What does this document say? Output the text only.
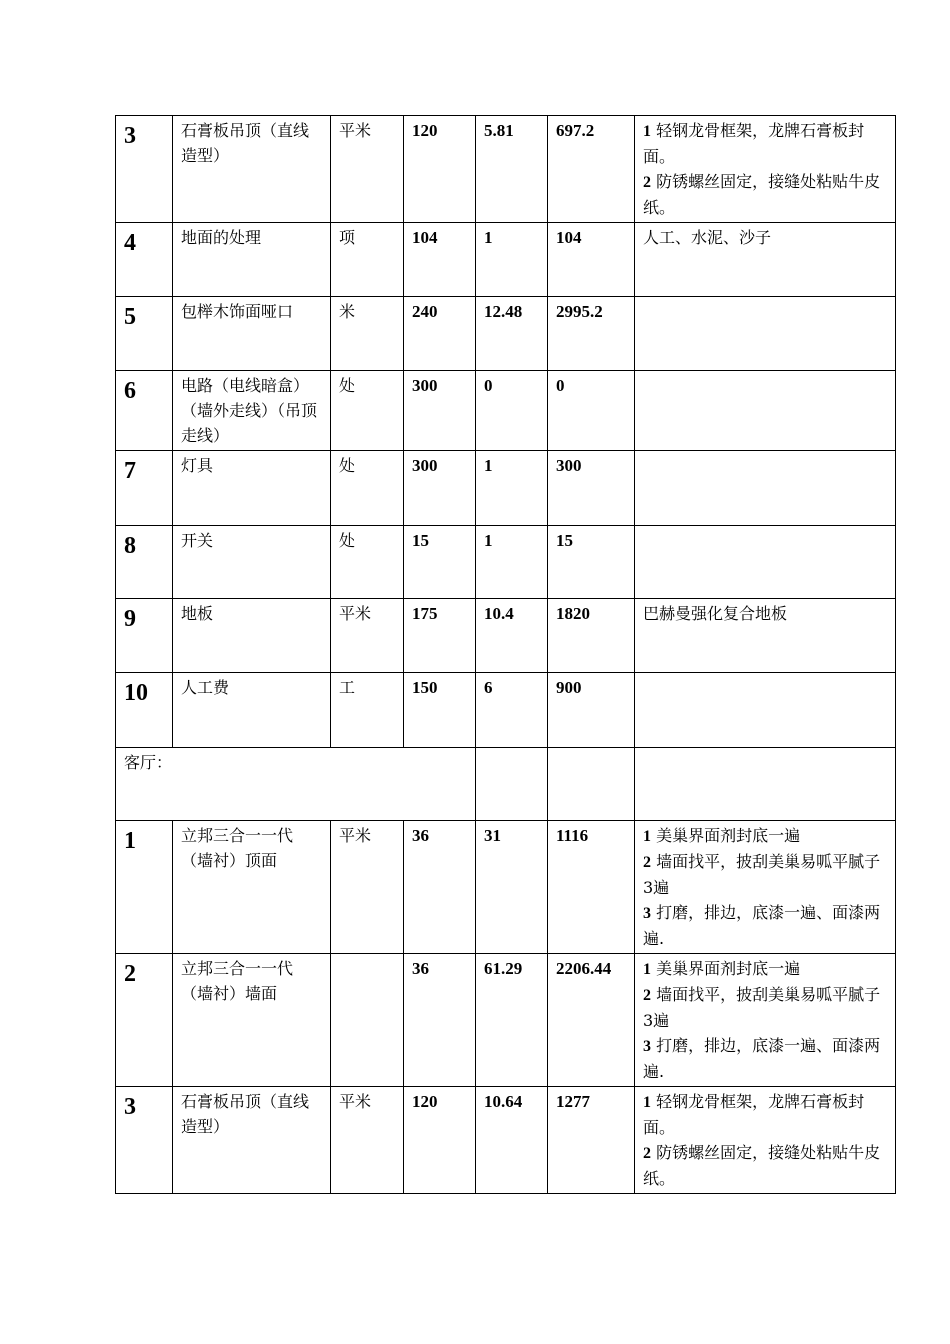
3	石膏板吊顶（直线造型）	平米	120	5.81	697.2	1 轻钢龙骨框架，龙牌石膏板封面。
2 防锈螺丝固定，接缝处粘贴牛皮纸。
4	地面的处理	项	104	1	104	人工、水泥、沙子
5	包榉木饰面哑口	米	240	12.48	2995.2	
6	电路（电线暗盒）（墙外走线）（吊顶走线）	处	300	0	0	
7	灯具	处	300	1	300	
8	开关	处	15	1	15	
9	地板	平米	175	10.4	1820	巴赫曼强化复合地板
10	人工费	工	150	6	900	
客厅：						
1	立邦三合一一代（墙衬）顶面	平米	36	31	1116	1 美巢界面剂封底一遍
2 墙面找平，披刮美巢易呱平腻子3遍
3 打磨，排边，底漆一遍、面漆两遍.
2	立邦三合一一代（墙衬）墙面		36	61.29	2206.44	1 美巢界面剂封底一遍
2 墙面找平，披刮美巢易呱平腻子3遍
3 打磨，排边，底漆一遍、面漆两遍.
3	石膏板吊顶（直线造型）	平米	120	10.64	1277	1 轻钢龙骨框架，龙牌石膏板封面。
2 防锈螺丝固定，接缝处粘贴牛皮纸。
